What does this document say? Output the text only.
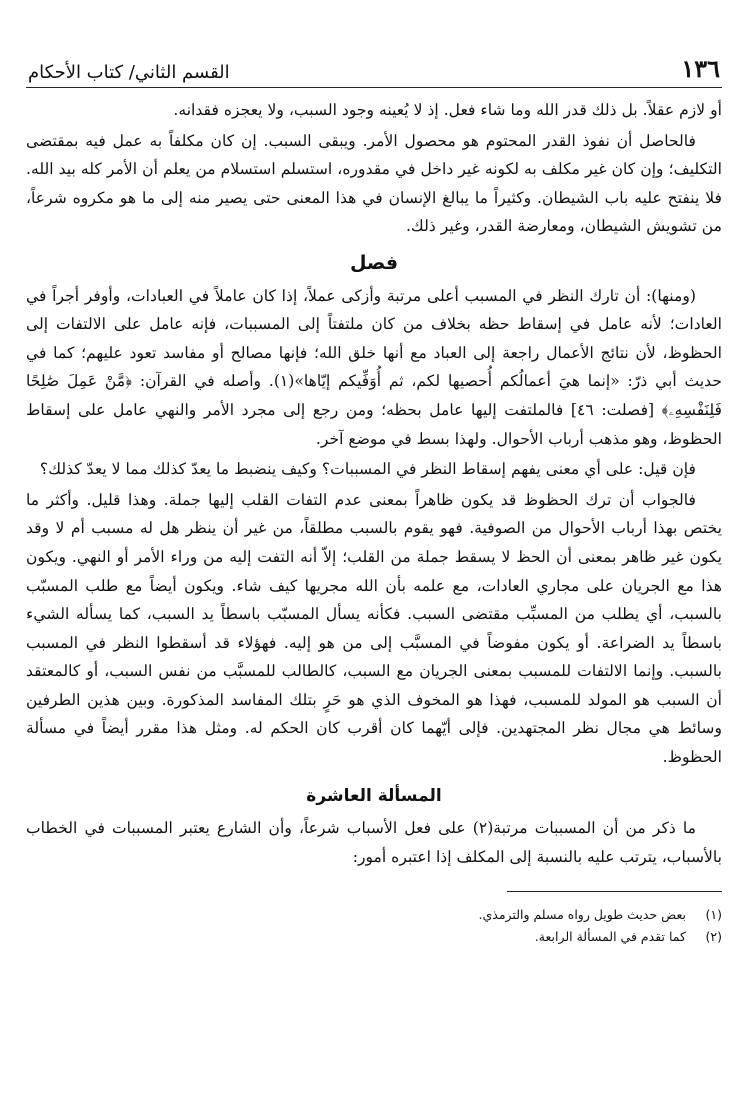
١٣٦
القسم الثاني/ كتاب الأحكام

أو لازم عقلاً. بل ذلك قدر الله وما شاء فعل. إذ لا يُعينه وجود السبب، ولا يعجزه فقدانه.

فالحاصل أن نفوذ القدر المحتوم هو محصول الأمر. ويبقى السبب. إن كان مكلفاً به عمل فيه بمقتضى التكليف؛ وإن كان غير مكلف به لكونه غير داخل في مقدوره، استسلم استسلام من يعلم أن الأمر كله بيد الله. فلا ينفتح عليه باب الشيطان. وكثيراً ما يبالغ الإنسان في هذا المعنى حتى يصير منه إلى ما هو مكروه شرعاً، من تشويش الشيطان، ومعارضة القدر، وغير ذلك.

فصل

(ومنها): أن تارك النظر في المسبب أعلى مرتبة وأزكى عملاً، إذا كان عاملاً في العبادات، وأوفر أجراً في العادات؛ لأنه عامل في إسقاط حظه بخلاف من كان ملتفتاً إلى المسببات، فإنه عامل على الالتفات إلى الحظوظ، لأن نتائج الأعمال راجعة إلى العباد مع أنها خلق الله؛ فإنها مصالح أو مفاسد تعود عليهم؛ كما في حديث أبي ذرّ: «إنما هيَ أعمالُكم أُحصيها لكم، ثم أُوَفِّيكم إيّاها»(١). وأصله في القرآن: ﴿مَّنْ عَمِلَ صَٰلِحًا فَلِنَفْسِهِۦ﴾ [فصلت: ٤٦] فالملتفت إليها عامل بحظه؛ ومن رجع إلى مجرد الأمر والنهي عامل على إسقاط الحظوظ، وهو مذهب أرباب الأحوال. ولهذا بسط في موضع آخر.

فإن قيل: على أي معنى يفهم إسقاط النظر في المسببات؟ وكيف ينضبط ما يعدّ كذلك مما لا يعدّ كذلك؟

فالجواب أن ترك الحظوظ قد يكون ظاهراً بمعنى عدم التفات القلب إليها جملة. وهذا قليل. وأكثر ما يختص بهذا أرباب الأحوال من الصوفية. فهو يقوم بالسبب مطلقاً، من غير أن ينظر هل له مسبب أم لا وقد يكون غير ظاهر بمعنى أن الحظ لا يسقط جملة من القلب؛ إلاّ أنه التفت إليه من وراء الأمر أو النهي. ويكون هذا مع الجريان على مجاري العادات، مع علمه بأن الله مجريها كيف شاء. ويكون أيضاً مع طلب المسبّب بالسبب، أي يطلب من المسبِّب مقتضى السبب. فكأنه يسأل المسبّب باسطاً يد السبب، كما يسأله الشيء باسطاً يد الضراعة. أو يكون مفوضاً في المسبَّب إلى من هو إليه. فهؤلاء قد أسقطوا النظر في المسبب بالسبب. وإنما الالتفات للمسبب بمعنى الجريان مع السبب، كالطالب للمسبَّب من نفس السبب، أو كالمعتقد أن السبب هو المولد للمسبب، فهذا هو المخوف الذي هو حَرٍ بتلك المفاسد المذكورة. وبين هذين الطرفين وسائط هي مجال نظر المجتهدين. فإلى أيّهما كان أقرب كان الحكم له. ومثل هذا مقرر أيضاً في مسألة الحظوظ.

المسألة العاشرة

ما ذكر من أن المسببات مرتبة(٢) على فعل الأسباب شرعاً، وأن الشارع يعتبر المسببات في الخطاب بالأسباب، يترتب عليه بالنسبة إلى المكلف إذا اعتبره أمور:

(١)
بعض حديث طويل رواه مسلم والترمذي.
(٢)
كما تقدم في المسألة الرابعة.
